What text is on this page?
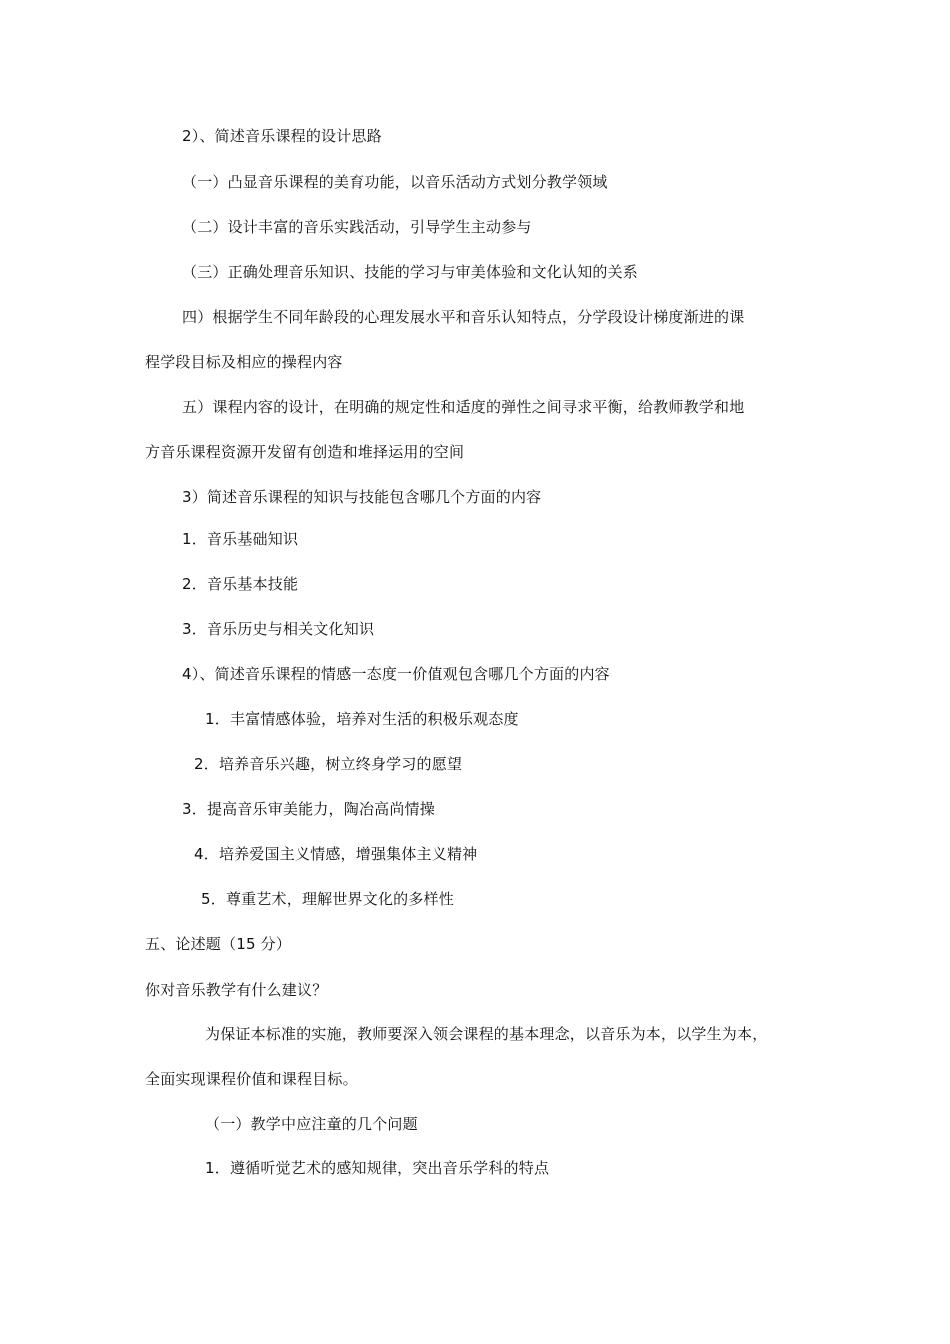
2）、简述音乐课程的设计思路
（一）凸显音乐课程的美育功能，以音乐活动方式划分教学领域
（二）设计丰富的音乐实践活动，引导学生主动参与
（三）正确处理音乐知识、技能的学习与审美体验和文化认知的关系
四）根据学生不同年龄段的心理发展水平和音乐认知特点，分学段设计梯度渐进的课
程学段目标及相应的操程内容
五）课程内容的设计，在明确的规定性和适度的弹性之间寻求平衡，给教师教学和地
方音乐课程资源开发留有创造和堆择运用的空间
3）简述音乐课程的知识与技能包含哪几个方面的内容
1．音乐基础知识
2．音乐基本技能
3．音乐历史与相关文化知识
4）、简述音乐课程的情感一态度一价值观包含哪几个方面的内容
1．丰富情感体验，培养对生活的积极乐观态度
2．培养音乐兴趣，树立终身学习的愿望
3．提高音乐审美能力，陶冶高尚情操
4．培养爱国主义情感，增强集体主义精神
5．尊重艺术，理解世界文化的多样性
五、论述题（15 分）
你对音乐教学有什么建议？
为保证本标准的实施，教师要深入领会课程的基本理念，以音乐为本，以学生为本，
全面实现课程价值和课程目标。
（一）教学中应注童的几个问题
1．遵循听觉艺术的感知规律，突出音乐学科的特点
